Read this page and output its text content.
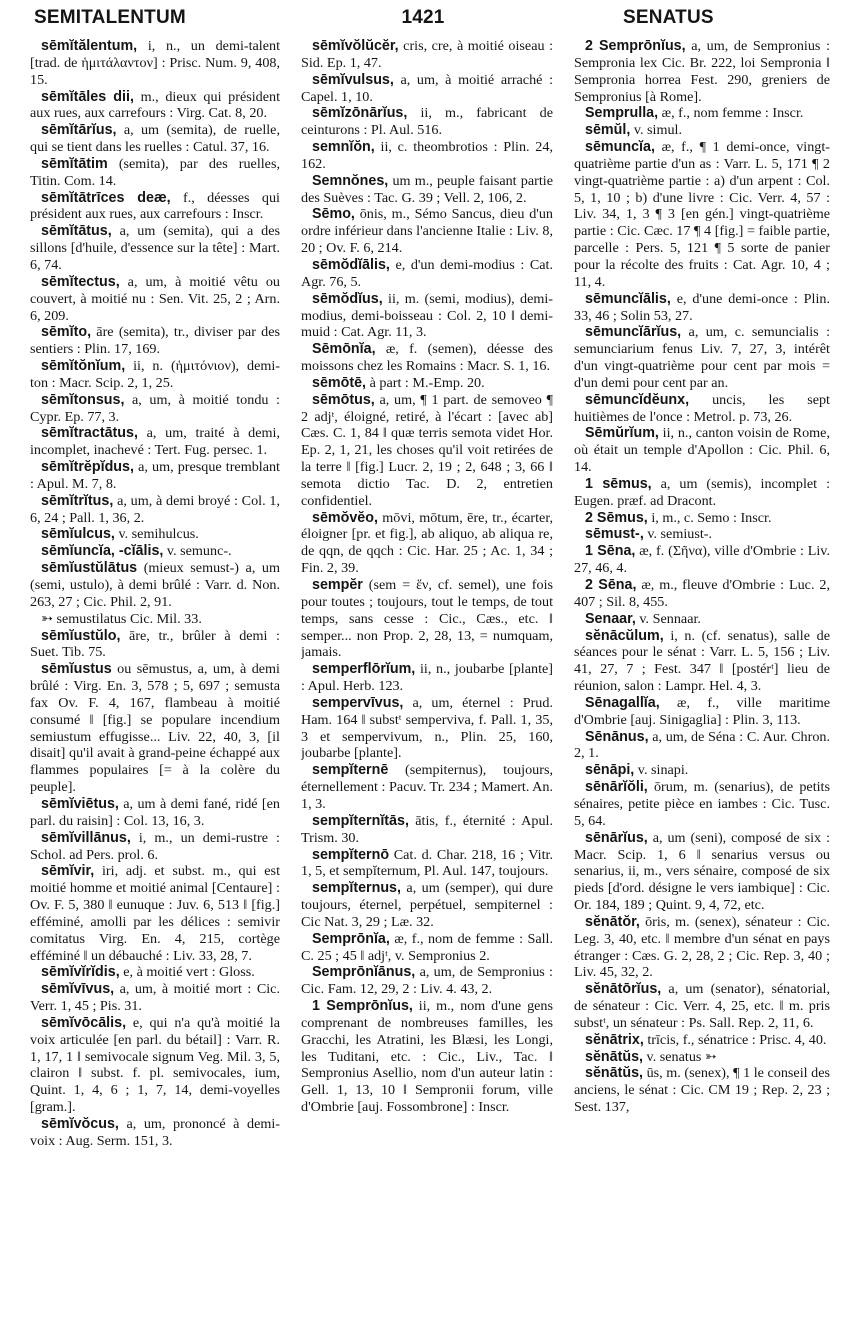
SEMITALENTUM	1421	SENATUS
sēmĭtălentum, i, n., un demi-talent [trad. de ἡμιτάλαντον] : Prisc. Num. 9, 408, 15.
sēmĭtāles dii, m., dieux qui président aux rues, aux carrefours : Virg. Cat. 8, 20.
sēmĭtārĭus, a, um (semita), de ruelle, qui se tient dans les ruelles : Catul. 37, 16.
sēmĭtātim (semita), par des ruelles, Titin. Com. 14.
sēmĭtātrīces deæ, f., déesses qui président aux rues, aux carrefours : Inscr.
sēmĭtātus, a, um (semita), qui a des sillons [d'huile, d'essence sur la tête] : Mart. 6, 74.
sēmĭtectus, a, um, à moitié vêtu ou couvert, à moitié nu : Sen. Vit. 25, 2 ; Arn. 6, 209.
sēmĭto, āre (semita), tr., diviser par des sentiers : Plin. 17, 169.
sēmĭtŏnĭum, ii, n. (ἡμιτόνιον), demi-ton : Macr. Scip. 2, 1, 25.
sēmĭtonsus, a, um, à moitié tondu : Cypr. Ep. 77, 3.
sēmĭtractātus, a, um, traité à demi, incomplet, inachevé : Tert. Fug. persec. 1.
sēmĭtrĕpĭdus, a, um, presque tremblant : Apul. M. 7, 8.
sēmĭtrĭtus, a, um, à demi broyé : Col. 1, 6, 24 ; Pall. 1, 36, 2.
sēmĭulcus, v. semihulcus.
sēmĭuncĭa, -cĭālis, v. semunc-.
sēmĭustŭlātus (mieux semust-) a, um (semi, ustulo), à demi brûlé : Varr. d. Non. 263, 27 ; Cic. Phil. 2, 91.
➳ semustilatus Cic. Mil. 33.
sēmĭustŭlo, āre, tr., brûler à demi : Suet. Tib. 75.
sēmĭustus ou sēmustus, a, um, à demi brûlé : Virg. En. 3, 578 ; 5, 697 ; semusta fax Ov. F. 4, 167, flambeau à moitié consumé ‖ [fig.] se populare incendium semiustum effugisse... Liv. 22, 40, 3, [il disait] qu'il avait à grand-peine échappé aux flammes populaires [= à la colère du peuple].
sēmĭviētus, a, um à demi fané, ridé [en parl. du raisin] : Col. 13, 16, 3.
sēmĭvillānus, i, m., un demi-rustre : Schol. ad Pers. prol. 6.
sēmĭvir, iri, adj. et subst. m., qui est moitié homme et moitié animal [Centaure] : Ov. F. 5, 380 ‖ eunuque : Juv. 6, 513 ‖ [fig.] efféminé, amolli par les délices : semivir comitatus Virg. En. 4, 215, cortège efféminé ‖ un débauché : Liv. 33, 28, 7.
sēmĭvĭrĭdis, e, à moitié vert : Gloss.
sēmĭvīvus, a, um, à moitié mort : Cic. Verr. 1, 45 ; Pis. 31.
sēmĭvōcālis, e, qui n'a qu'à moitié la voix articulée [en parl. du bétail] : Varr. R. 1, 17, 1 ‖ semivocale signum Veg. Mil. 3, 5, clairon ‖ subst. f. pl. semivocales, ium, Quint. 1, 4, 6 ; 1, 7, 14, demi-voyelles [gram.].
sēmĭvŏcus, a, um, prononcé à demi-voix : Aug. Serm. 151, 3.
sēmĭvŏlŭcĕr, cris, cre, à moitié oiseau : Sid. Ep. 1, 47.
sēmĭvulsus, a, um, à moitié arraché : Capel. 1, 10.
sēmĭzōnārĭus, ii, m., fabricant de ceinturons : Pl. Aul. 516.
semnĭŏn, ii, c. theombrotios : Plin. 24, 162.
Semnŏnes, um m., peuple faisant partie des Suèves : Tac. G. 39 ; Vell. 2, 106, 2.
Sēmo, ōnis, m., Sémo Sancus, dieu d'un ordre inférieur dans l'ancienne Italie : Liv. 8, 20 ; Ov. F. 6, 214.
sēmŏdĭālis, e, d'un demi-modius : Cat. Agr. 76, 5.
sēmŏdĭus, ii, m. (semi, modius), demi-modius, demi-boisseau : Col. 2, 10 ‖ demi-muid : Cat. Agr. 11, 3.
Sēmōnĭa, æ, f. (semen), déesse des moissons chez les Romains : Macr. S. 1, 16.
sēmōtē, à part : M.-Emp. 20.
sēmōtus, a, um, ¶ 1 part. de semoveo ¶ 2 adjᵗ, éloigné, retiré, à l'écart : [avec ab] Cæs. C. 1, 84 ‖ quæ terris semota videt Hor. Ep. 2, 1, 21, les choses qu'il voit retirées de la terre ‖ [fig.] Lucr. 2, 19 ; 2, 648 ; 3, 66 ‖ semota dictio Tac. D. 2, entretien confidentiel.
sēmŏvĕo, mōvi, mōtum, ēre, tr., écarter, éloigner [pr. et fig.], ab aliquo, ab aliqua re, de qqn, de qqch : Cic. Har. 25 ; Ac. 1, 34 ; Fin. 2, 39.
sempĕr (sem = ἕν, cf. semel), une fois pour toutes ; toujours, tout le temps, de tout temps, sans cesse : Cic., Cæs., etc. ‖ semper... non Prop. 2, 28, 13, = numquam, jamais.
semperflōrĭum, ii, n., joubarbe [plante] : Apul. Herb. 123.
sempervīvus, a, um, éternel : Prud. Ham. 164 ‖ substᵗ sempervivа, f. Pall. 1, 35, 3 et sempervivum, n., Plin. 25, 160, joubarbe [plante].
sempĭternē (sempiternus), toujours, éternellement : Pacuv. Tr. 234 ; Mamert. An. 1, 3.
sempĭternĭtās, ātis, f., éternité : Apul. Trism. 30.
sempĭternō Cat. d. Char. 218, 16 ; Vitr. 1, 5, et sempĭternum, Pl. Aul. 147, toujours.
sempĭternus, a, um (semper), qui dure toujours, éternel, perpétuel, sempiternel : Cic Nat. 3, 29 ; Læ. 32.
Semprōnĭa, æ, f., nom de femme : Sall. C. 25 ; 45 ‖ adjᵗ, v. Sempronius 2.
Semprōnĭānus, a, um, de Sempronius : Cic. Fam. 12, 29, 2 : Liv. 4. 43, 2.
1 Semprōnĭus, ii, m., nom d'une gens comprenant de nombreuses familles, les Gracchi, les Atratini, les Blæsi, les Longi, les Tuditani, etc. : Cic., Liv., Tac. ‖ Sempronius Asellio, nom d'un auteur latin : Gell. 1, 13, 10 ‖ Sempronii forum, ville d'Ombrie [auj. Fossombrone] : Inscr.
2 Semprōnĭus, a, um, de Sempronius : Sempronia lex Cic. Br. 222, loi Sempronia ‖ Sempronia horrea Fest. 290, greniers de Sempronius [à Rome].
Semprulla, æ, f., nom femme : Inscr.
sēmŭl, v. simul.
sēmuncĭa, æ, f., ¶ 1 demi-once, vingt-quatrième partie d'un as : Varr. L. 5, 171 ¶ 2 vingt-quatrième partie : a) d'un arpent : Col. 5, 1, 10 ; b) d'une livre : Cic. Verr. 4, 57 : Liv. 34, 1, 3 ¶ 3 [en gén.] vingt-quatrième partie : Cic. Cæc. 17 ¶ 4 [fig.] = faible partie, parcelle : Pers. 5, 121 ¶ 5 sorte de panier pour la récolte des fruits : Cat. Agr. 10, 4 ; 11, 4.
sēmuncĭālis, e, d'une demi-once : Plin. 33, 46 ; Solin 53, 27.
sēmuncĭārĭus, a, um, c. semuncialis : semunciarium fenus Liv. 7, 27, 3, intérêt d'un vingt-quatrième pour cent par mois = d'un demi pour cent par an.
sēmuncĭdĕunx, uncis, les sept huitièmes de l'once : Metrol. p. 73, 26.
Sēmŭrĭum, ii, n., canton voisin de Rome, où était un temple d'Apollon : Cic. Phil. 6, 14.
1 sēmus, a, um (semis), incomplet : Eugen. præf. ad Dracont.
2 Sēmus, i, m., c. Semo : Inscr.
sēmust-, v. semiust-.
1 Sēna, æ, f. (Σῆνα), ville d'Ombrie : Liv. 27, 46, 4.
2 Sēna, æ, m., fleuve d'Ombrie : Luc. 2, 407 ; Sil. 8, 455.
Senaar, v. Sennaar.
sĕnācŭlum, i, n. (cf. senatus), salle de séances pour le sénat : Varr. L. 5, 156 ; Liv. 41, 27, 7 ; Fest. 347 ‖ [postérᵗ] lieu de réunion, salon : Lampr. Hel. 4, 3.
Sēnagallĭa, æ, f., ville maritime d'Ombrie [auj. Sinigaglia] : Plin. 3, 113.
Sēnānus, a, um, de Séna : C. Aur. Chron. 2, 1.
sēnāpi, v. sinapi.
sēnārĭŏli, ōrum, m. (senarius), de petits sénaires, petite pièce en iambes : Cic. Tusc. 5, 64.
sēnārĭus, a, um (seni), composé de six : Macr. Scip. 1, 6 ‖ senarius versus ou senarius, ii, m., vers sénaire, composé de six pieds [d'ord. désigne le vers iambique] : Cic. Or. 184, 189 ; Quint. 9, 4, 72, etc.
sĕnātŏr, ōris, m. (senex), sénateur : Cic. Leg. 3, 40, etc. ‖ membre d'un sénat en pays étranger : Cæs. G. 2, 28, 2 ; Cic. Rep. 3, 40 ; Liv. 45, 32, 2.
sĕnātōrĭus, a, um (senator), sénatorial, de sénateur : Cic. Verr. 4, 25, etc. ‖ m. pris substᵗ, un sénateur : Ps. Sall. Rep. 2, 11, 6.
sĕnātrix, trīcis, f., sénatrice : Prisc. 4, 40.
sĕnātŭs, v. senatus ➳
sĕnātŭs, ūs, m. (senex), ¶ 1 le conseil des anciens, le sénat : Cic. CM 19 ; Rep. 2, 23 ; Sest. 137,
